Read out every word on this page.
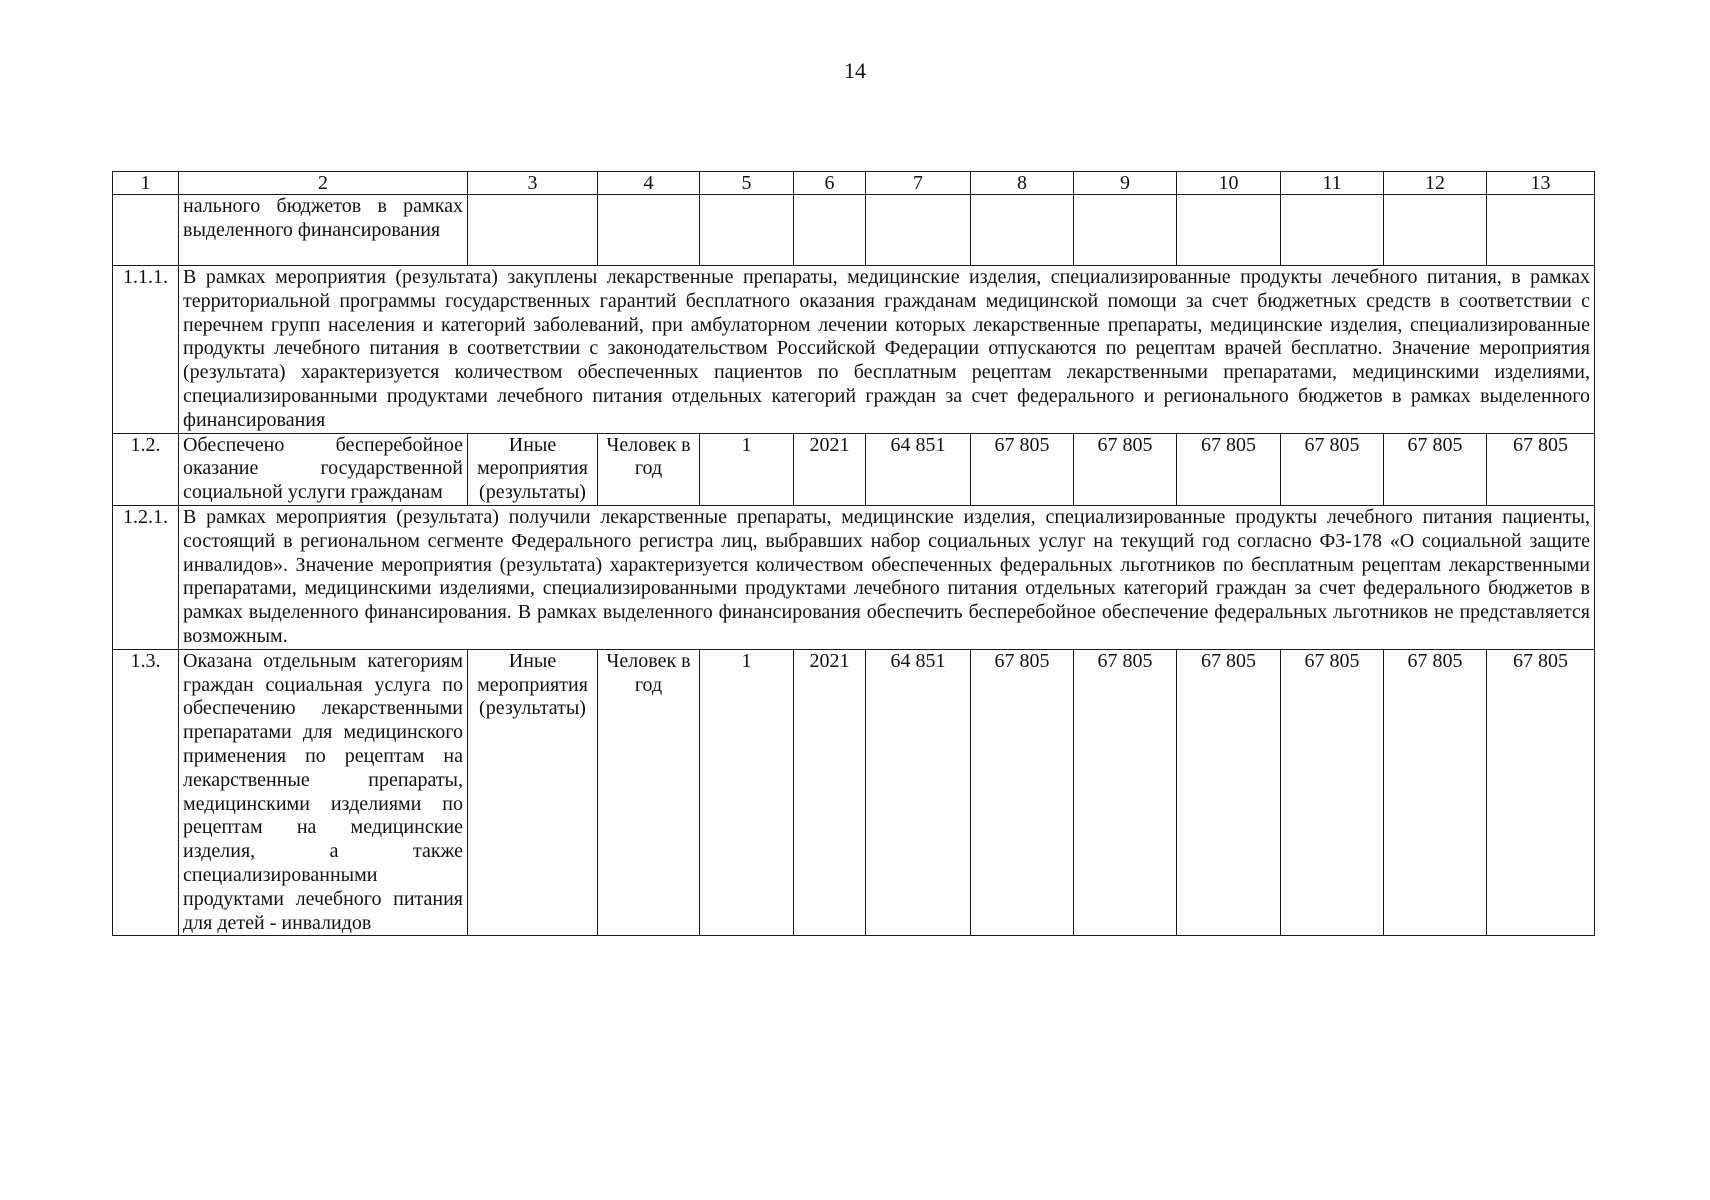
14
1	2	3	4	5	6	7	8	9	10	11	12	13
	нального бюджетов в рамках выделенного финансирования											
1.1.1.	В рамках мероприятия (результата) закуплены лекарственные препараты, медицинские изделия, специализированные продукты лечебного питания, в рамках территориальной программы государственных гарантий бесплатного оказания гражданам медицинской помощи за счет бюджетных средств в соответствии с перечнем групп населения и категорий заболеваний, при амбулаторном лечении которых лекарственные препараты, медицинские изделия, специализированные продукты лечебного питания в соответствии с законодательством Российской Федерации отпускаются по рецептам врачей бесплатно. Значение мероприятия (результата) характеризуется количеством обеспеченных пациентов по бесплатным рецептам лекарственными препаратами, медицинскими изделиями, специализированными продуктами лечебного питания отдельных категорий граждан за счет федерального и регионального бюджетов в рамках выделенного финансирования											
1.2.	Обеспечено бесперебойное оказание государственной социальной услуги гражданам	Иные мероприятия (результаты)	Человек в год	1	2021	64 851	67 805	67 805	67 805	67 805	67 805	67 805
1.2.1.	В рамках мероприятия (результата) получили лекарственные препараты, медицинские изделия, специализированные продукты лечебного питания пациенты, состоящий в региональном сегменте Федерального регистра лиц, выбравших набор социальных услуг на текущий год согласно ФЗ-178 «О социальной защите инвалидов». Значение мероприятия (результата) характеризуется количеством обеспеченных федеральных льготников по бесплатным рецептам лекарственными препаратами, медицинскими изделиями, специализированными продуктами лечебного питания отдельных категорий граждан за счет федерального бюджетов в рамках выделенного финансирования. В рамках выделенного финансирования обеспечить бесперебойное обеспечение федеральных льготников не представляется возможным.											
1.3.	Оказана отдельным категориям граждан социальная услуга по обеспечению лекарственными препаратами для медицинского применения по рецептам на лекарственные препараты, медицинскими изделиями по рецептам на медицинские изделия, а также специализированными продуктами лечебного питания для детей - инвалидов	Иные мероприятия (результаты)	Человек в год	1	2021	64 851	67 805	67 805	67 805	67 805	67 805	67 805
